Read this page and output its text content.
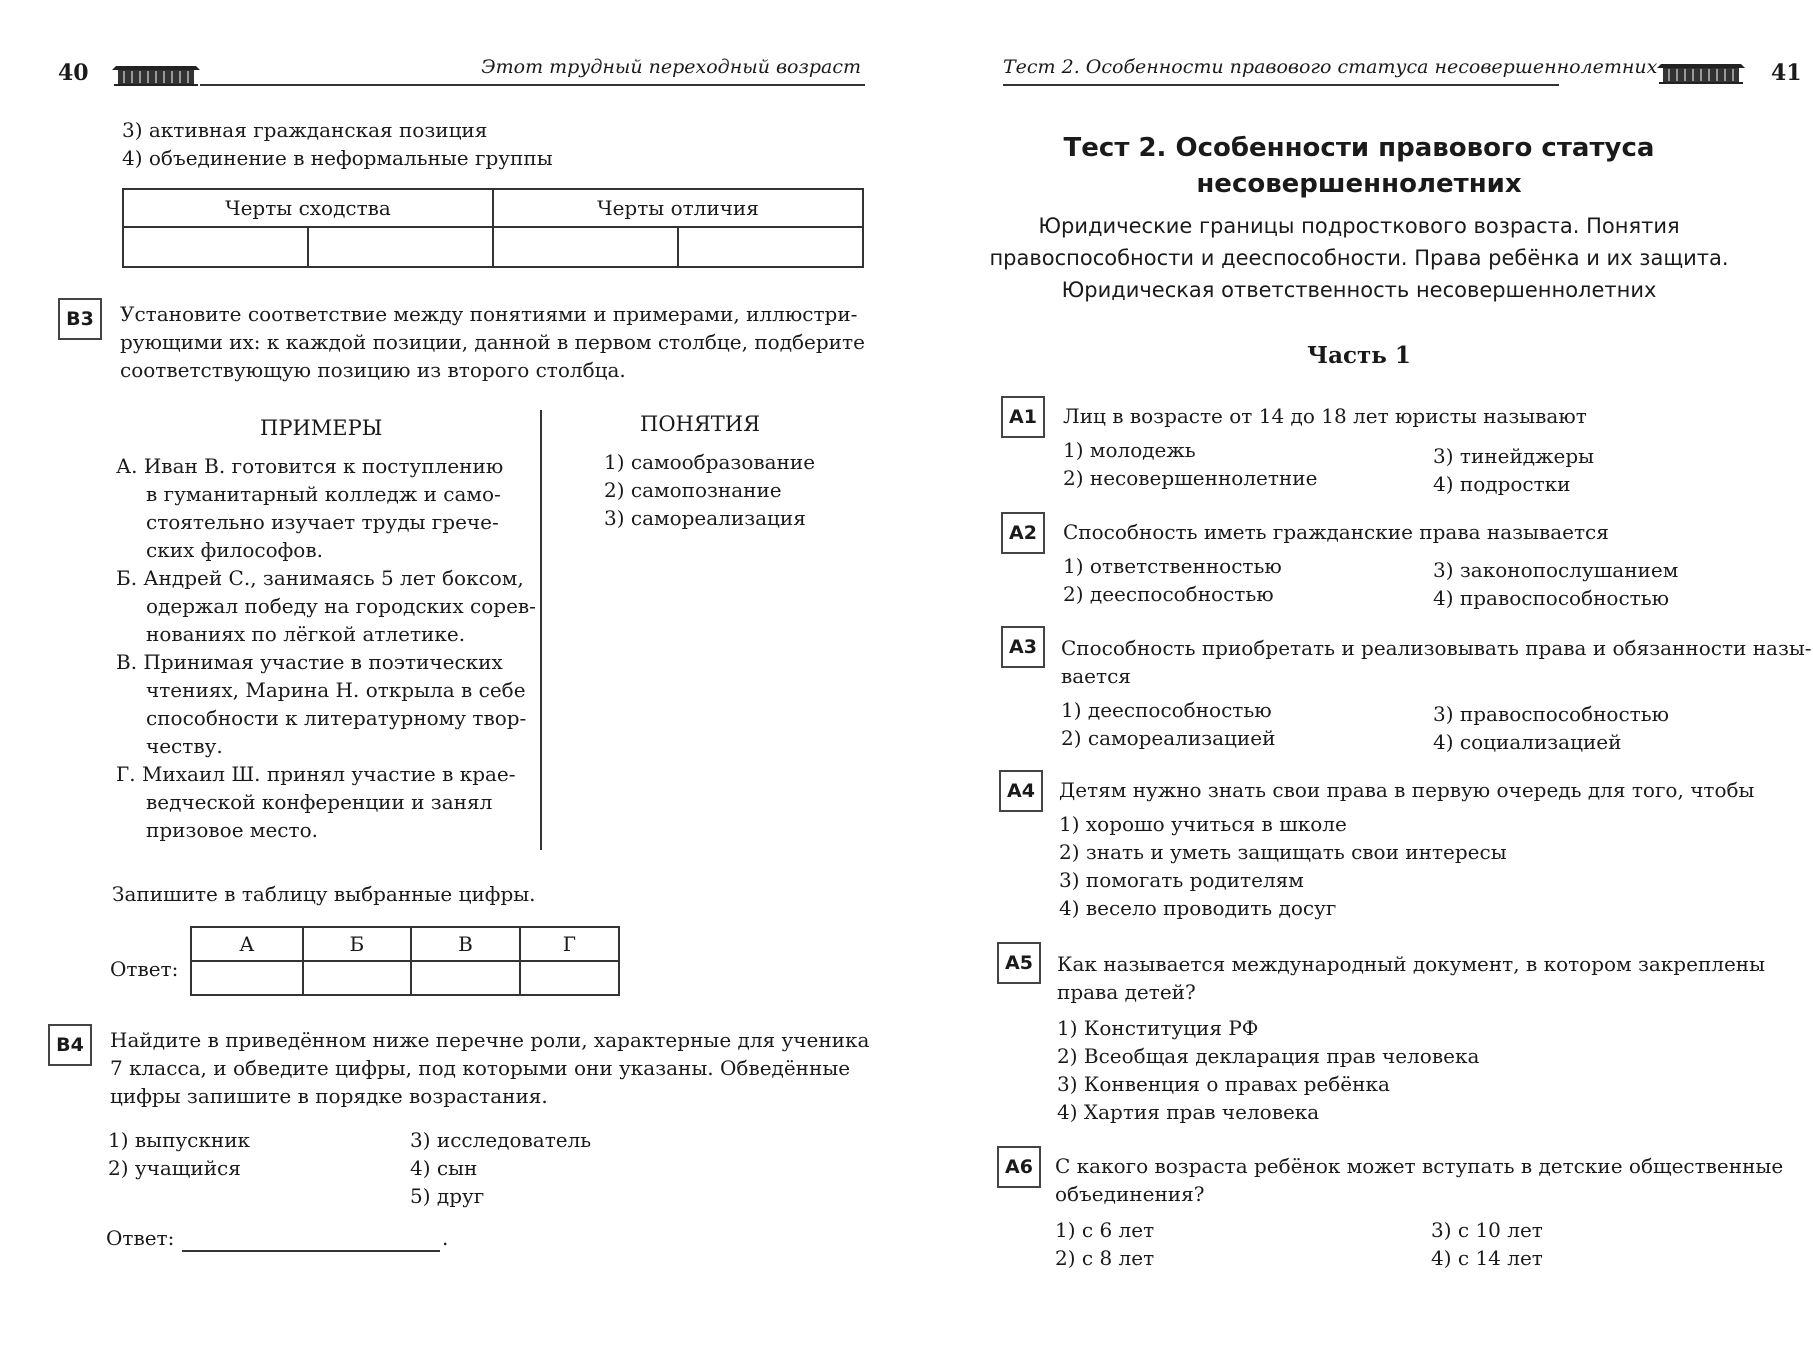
40	Этот трудный переходный возраст
3) активная гражданская позиция
4) объединение в неформальные группы
Черты сходства		Черты отличия	

В3	Установите соответствие между понятиями и примерами, иллюстри-
рующими их: к каждой позиции, данной в первом столбце, подберите
соответствующую позицию из второго столбца.
ПРИМЕРЫ	ПОНЯТИЯ
А. Иван В. готовится к поступлению
в гуманитарный колледж и само-
стоятельно изучает труды грече-
ских философов.
Б. Андрей С., занимаясь 5 лет боксом,
одержал победу на городских сорев-
нованиях по лёгкой атлетике.
В. Принимая участие в поэтических
чтениях, Марина Н. открыла в себе
способности к литературному твор-
честву.
Г. Михаил Ш. принял участие в крае-
ведческой конференции и занял
призовое место.
1) самообразование
2) самопознание
3) самореализация
Запишите в таблицу выбранные цифры.
Ответ:
А	Б	В	Г

В4	Найдите в приведённом ниже перечне роли, характерные для ученика
7 класса, и обведите цифры, под которыми они указаны. Обведённые
цифры запишите в порядке возрастания.
1) выпускник
2) учащийся
3) исследователь
4) сын
5) друг
Ответ:	.
Тест 2. Особенности правового статуса несовершеннолетних	41
Тест 2. Особенности правового статуса
несовершеннолетних
Юридические границы подросткового возраста. Понятия
правоспособности и дееспособности. Права ребёнка и их защита.
Юридическая ответственность несовершеннолетних
Часть 1
А1	Лиц в возрасте от 14 до 18 лет юристы называют
1) молодежь
2) несовершеннолетние
3) тинейджеры
4) подростки
А2	Способность иметь гражданские права называется
1) ответственностью
2) дееспособностью
3) законопослушанием
4) правоспособностью
А3	Способность приобретать и реализовывать права и обязанности назы-
вается
1) дееспособностью
2) самореализацией
3) правоспособностью
4) социализацией
А4	Детям нужно знать свои права в первую очередь для того, чтобы
1) хорошо учиться в школе
2) знать и уметь защищать свои интересы
3) помогать родителям
4) весело проводить досуг
А5	Как называется международный документ, в котором закреплены
права детей?
1) Конституция РФ
2) Всеобщая декларация прав человека
3) Конвенция о правах ребёнка
4) Хартия прав человека
А6	С какого возраста ребёнок может вступать в детские общественные
объединения?
1) с 6 лет
2) с 8 лет
3) с 10 лет
4) с 14 лет
